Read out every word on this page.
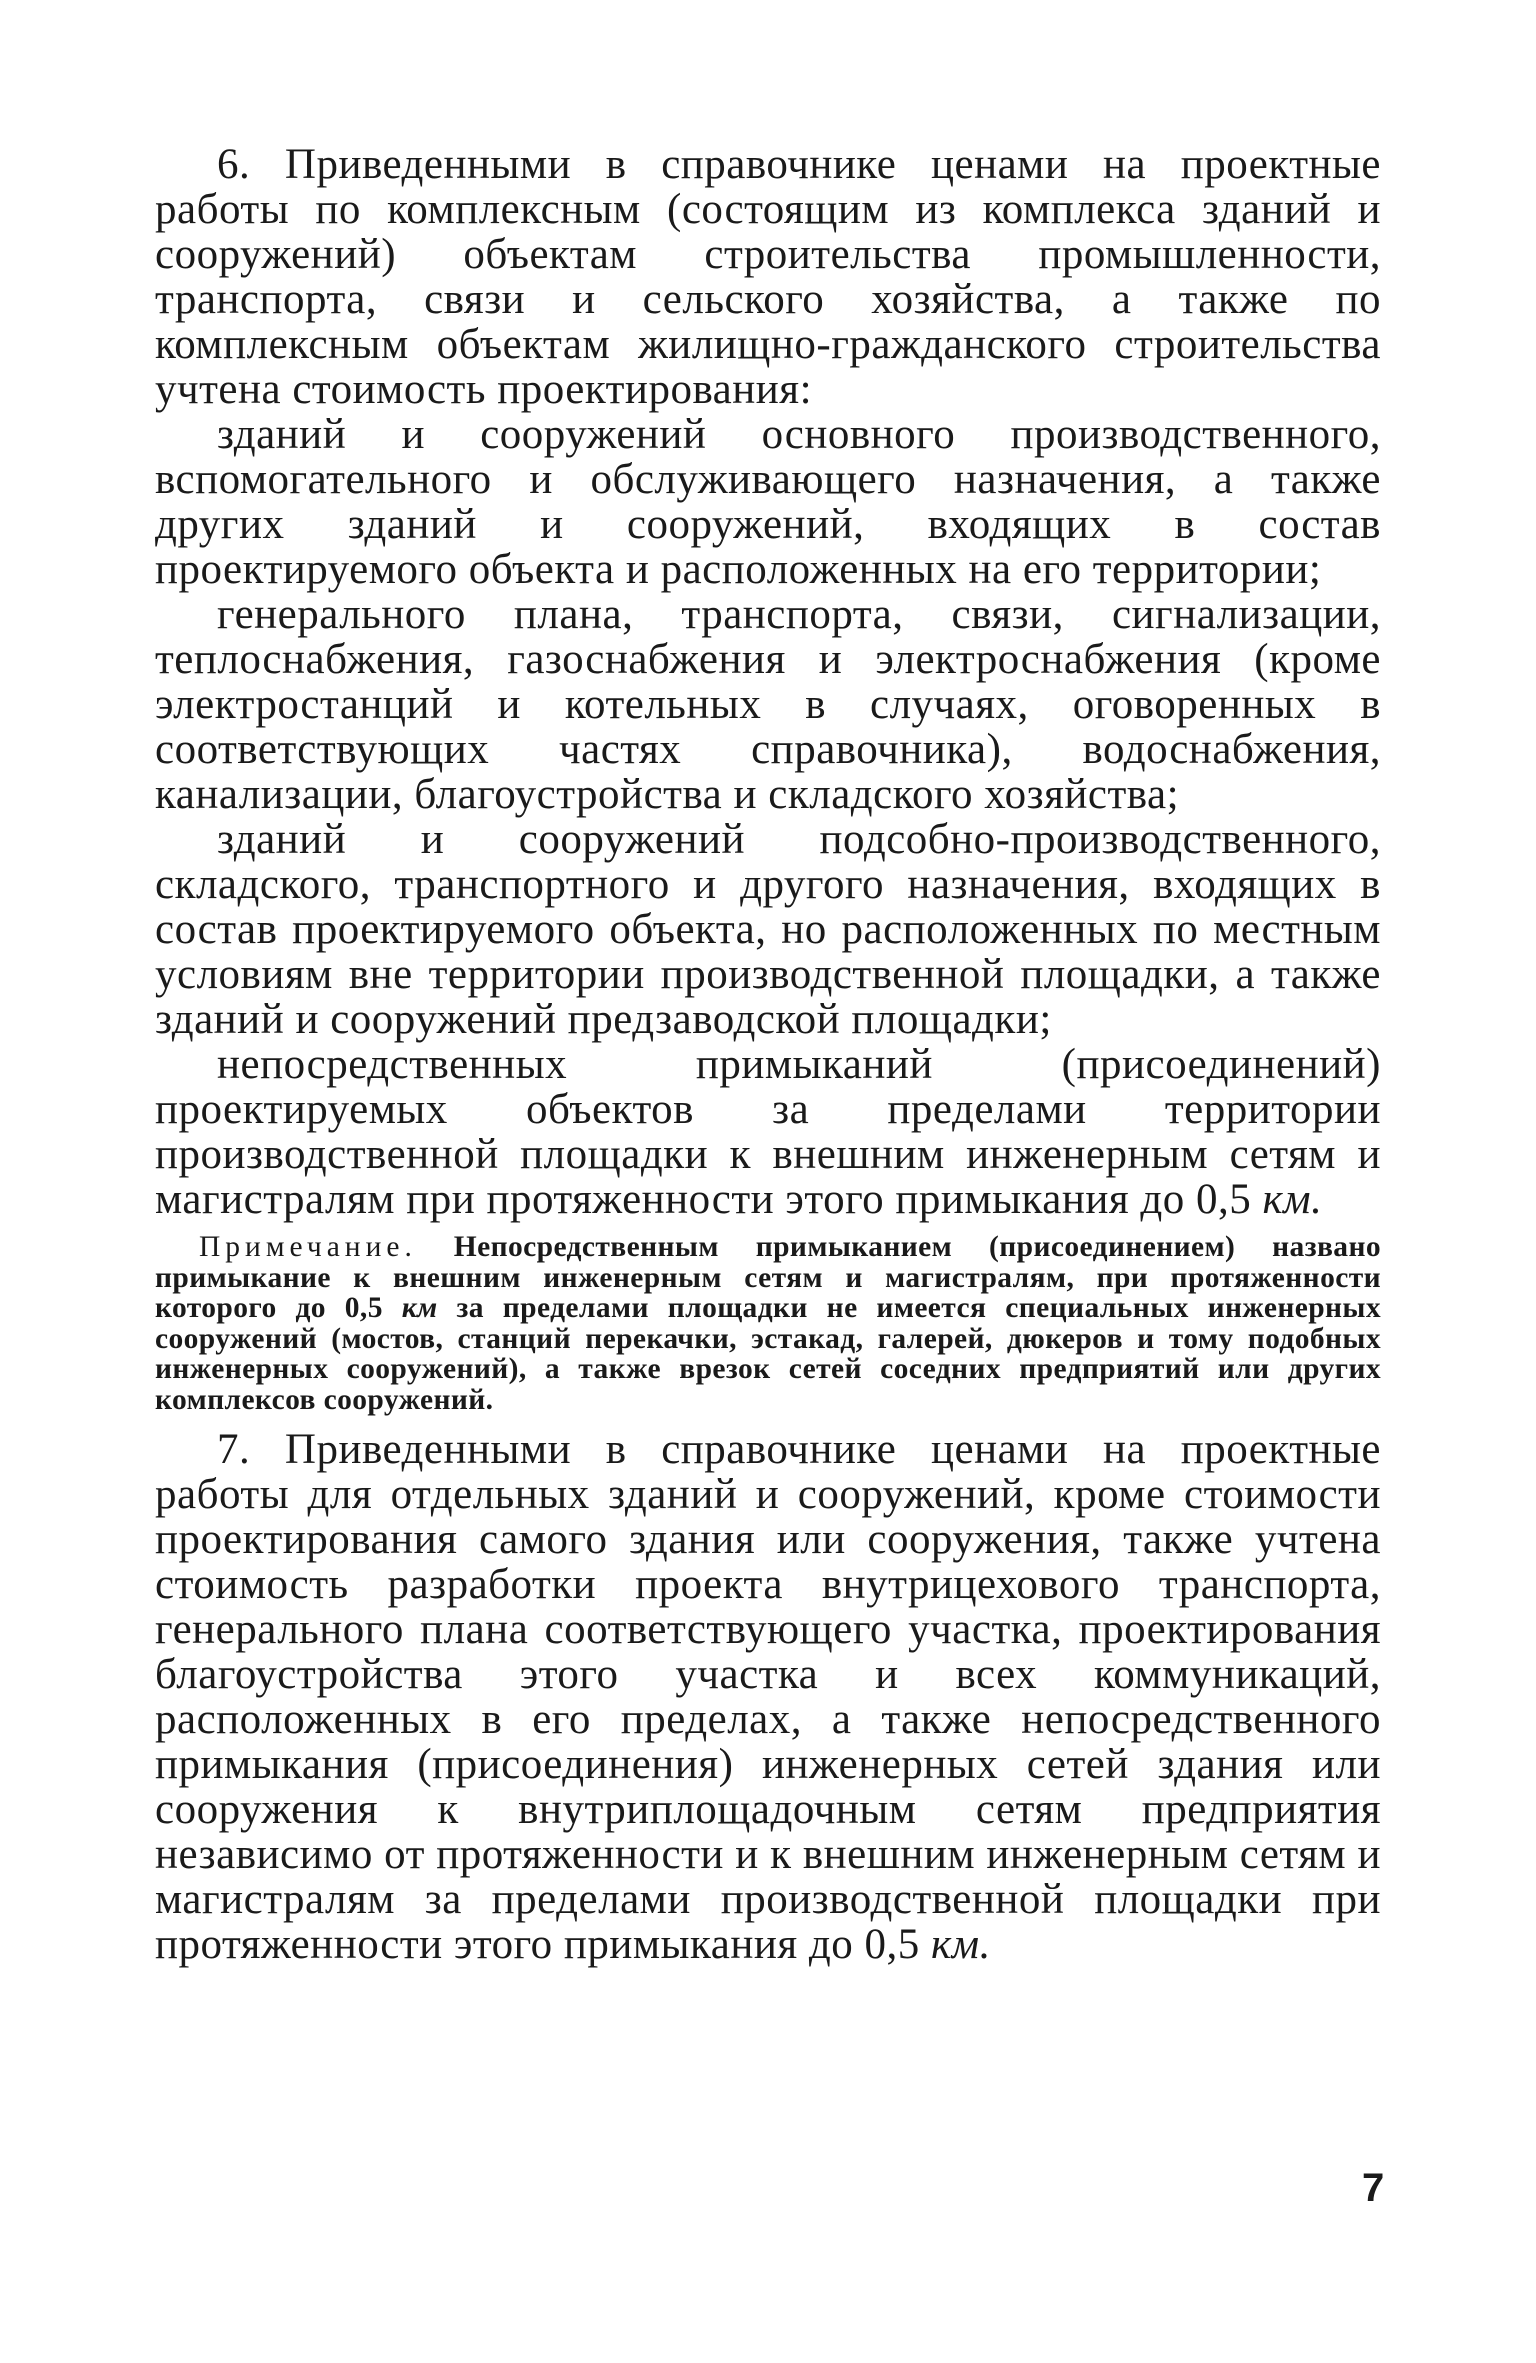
6. Приведенными в справочнике ценами на проектные работы по комплексным (состоящим из комплекса зданий и сооружений) объектам строительства промышленности, транспорта, связи и сельского хозяйства, а также по комплексным объектам жилищно-гражданского строительства учтена стоимость проектирования:

зданий и сооружений основного производственного, вспомогательного и обслуживающего назначения, а также других зданий и сооружений, входящих в состав проектируемого объекта и расположенных на его территории;

генерального плана, транспорта, связи, сигнализации, теплоснабжения, газоснабжения и электроснабжения (кроме электростанций и котельных в случаях, оговоренных в соответствующих частях справочника), водоснабжения, канализации, благоустройства и складского хозяйства;

зданий и сооружений подсобно-производственного, складского, транспортного и другого назначения, входящих в состав проектируемого объекта, но расположенных по местным условиям вне территории производственной площадки, а также зданий и сооружений предзаводской площадки;

непосредственных примыканий (присоединений) проектируемых объектов за пределами территории производственной площадки к внешним инженерным сетям и магистралям при протяженности этого примыкания до 0,5 км.

Примечание. Непосредственным примыканием (присоединением) названо примыкание к внешним инженерным сетям и магистралям, при протяженности которого до 0,5 км за пределами площадки не имеется специальных инженерных сооружений (мостов, станций перекачки, эстакад, галерей, дюкеров и тому подобных инженерных сооружений), а также врезок сетей соседних предприятий или других комплексов сооружений.

7. Приведенными в справочнике ценами на проектные работы для отдельных зданий и сооружений, кроме стоимости проектирования самого здания или сооружения, также учтена стоимость разработки проекта внутрицехового транспорта, генерального плана соответствующего участка, проектирования благоустройства этого участка и всех коммуникаций, расположенных в его пределах, а также непосредственного примыкания (присоединения) инженерных сетей здания или сооружения к внутриплощадочным сетям предприятия независимо от протяженности и к внешним инженерным сетям и магистралям за пределами производственной площадки при протяженности этого примыкания до 0,5 км.

7
